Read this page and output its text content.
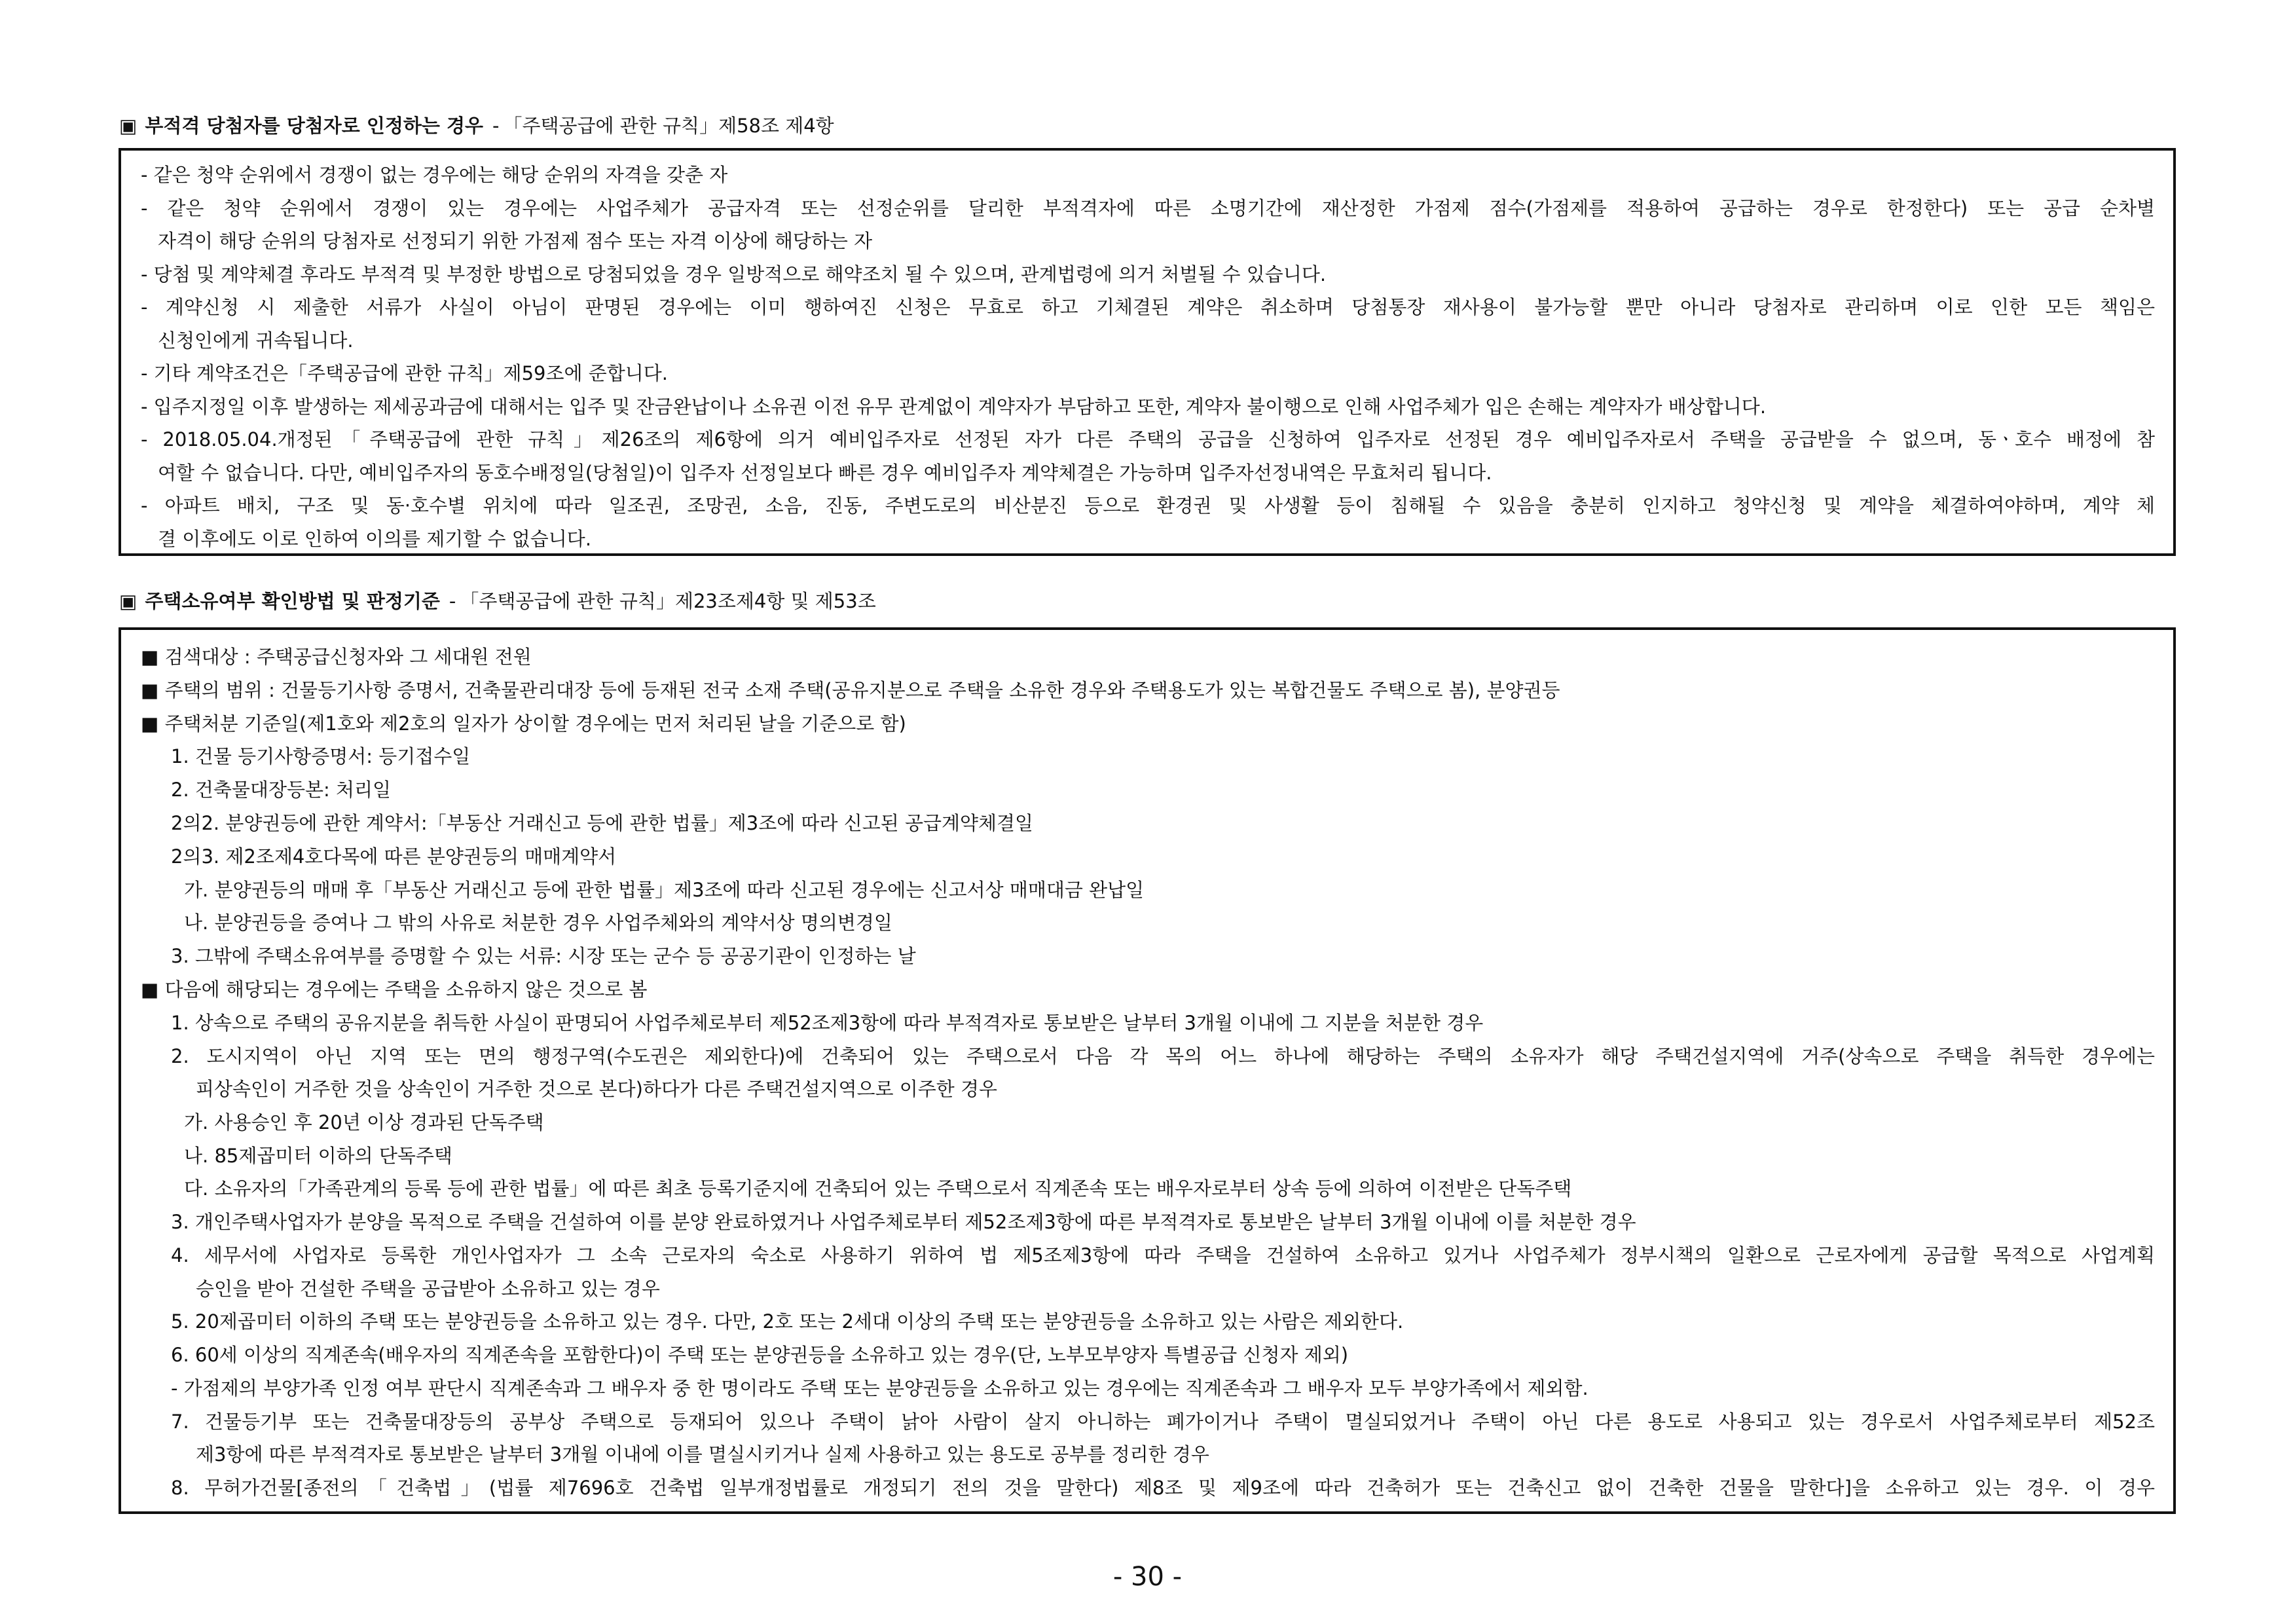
▣ 부적격 당첨자를 당첨자로 인정하는 경우 - 「주택공급에 관한 규칙」제58조 제4항
- 같은 청약 순위에서 경쟁이 없는 경우에는 해당 순위의 자격을 갖춘 자
- 같은 청약 순위에서 경쟁이 있는 경우에는 사업주체가 공급자격 또는 선정순위를 달리한 부적격자에 따른 소명기간에 재산정한 가점제 점수(가점제를 적용하여 공급하는 경우로 한정한다) 또는 공급 순차별
자격이 해당 순위의 당첨자로 선정되기 위한 가점제 점수 또는 자격 이상에 해당하는 자
- 당첨 및 계약체결 후라도 부적격 및 부정한 방법으로 당첨되었을 경우 일방적으로 해약조치 될 수 있으며, 관계법령에 의거 처벌될 수 있습니다.
- 계약신청 시 제출한 서류가 사실이 아님이 판명된 경우에는 이미 행하여진 신청은 무효로 하고 기체결된 계약은 취소하며 당첨통장 재사용이 불가능할 뿐만 아니라 당첨자로 관리하며 이로 인한 모든 책임은
신청인에게 귀속됩니다.
- 기타 계약조건은「주택공급에 관한 규칙」제59조에 준합니다.
- 입주지정일 이후 발생하는 제세공과금에 대해서는 입주 및 잔금완납이나 소유권 이전 유무 관계없이 계약자가 부담하고 또한, 계약자 불이행으로 인해 사업주체가 입은 손해는 계약자가 배상합니다.
- 2018.05.04.개정된「주택공급에 관한 규칙」제26조의 제6항에 의거 예비입주자로 선정된 자가 다른 주택의 공급을 신청하여 입주자로 선정된 경우 예비입주자로서 주택을 공급받을 수 없으며, 동ㆍ호수 배정에 참
여할 수 없습니다. 다만, 예비입주자의 동호수배정일(당첨일)이 입주자 선정일보다 빠른 경우 예비입주자 계약체결은 가능하며 입주자선정내역은 무효처리 됩니다.
- 아파트 배치, 구조 및 동·호수별 위치에 따라 일조권, 조망권, 소음, 진동, 주변도로의 비산분진 등으로 환경권 및 사생활 등이 침해될 수 있음을 충분히 인지하고 청약신청 및 계약을 체결하여야하며, 계약 체
결 이후에도 이로 인하여 이의를 제기할 수 없습니다.
▣ 주택소유여부 확인방법 및 판정기준 - 「주택공급에 관한 규칙」제23조제4항 및 제53조
■ 검색대상 : 주택공급신청자와 그 세대원 전원
■ 주택의 범위 : 건물등기사항 증명서, 건축물관리대장 등에 등재된 전국 소재 주택(공유지분으로 주택을 소유한 경우와 주택용도가 있는 복합건물도 주택으로 봄), 분양권등
■ 주택처분 기준일(제1호와 제2호의 일자가 상이할 경우에는 먼저 처리된 날을 기준으로 함)
1. 건물 등기사항증명서: 등기접수일
2. 건축물대장등본: 처리일
2의2. 분양권등에 관한 계약서:「부동산 거래신고 등에 관한 법률」제3조에 따라 신고된 공급계약체결일
2의3. 제2조제4호다목에 따른 분양권등의 매매계약서
가. 분양권등의 매매 후「부동산 거래신고 등에 관한 법률」제3조에 따라 신고된 경우에는 신고서상 매매대금 완납일
나. 분양권등을 증여나 그 밖의 사유로 처분한 경우 사업주체와의 계약서상 명의변경일
3. 그밖에 주택소유여부를 증명할 수 있는 서류: 시장 또는 군수 등 공공기관이 인정하는 날
■ 다음에 해당되는 경우에는 주택을 소유하지 않은 것으로 봄
1. 상속으로 주택의 공유지분을 취득한 사실이 판명되어 사업주체로부터 제52조제3항에 따라 부적격자로 통보받은 날부터 3개월 이내에 그 지분을 처분한 경우
2. 도시지역이 아닌 지역 또는 면의 행정구역(수도권은 제외한다)에 건축되어 있는 주택으로서 다음 각 목의 어느 하나에 해당하는 주택의 소유자가 해당 주택건설지역에 거주(상속으로 주택을 취득한 경우에는
피상속인이 거주한 것을 상속인이 거주한 것으로 본다)하다가 다른 주택건설지역으로 이주한 경우
가. 사용승인 후 20년 이상 경과된 단독주택
나. 85제곱미터 이하의 단독주택
다. 소유자의「가족관계의 등록 등에 관한 법률」에 따른 최초 등록기준지에 건축되어 있는 주택으로서 직계존속 또는 배우자로부터 상속 등에 의하여 이전받은 단독주택
3. 개인주택사업자가 분양을 목적으로 주택을 건설하여 이를 분양 완료하였거나 사업주체로부터 제52조제3항에 따른 부적격자로 통보받은 날부터 3개월 이내에 이를 처분한 경우
4. 세무서에 사업자로 등록한 개인사업자가 그 소속 근로자의 숙소로 사용하기 위하여 법 제5조제3항에 따라 주택을 건설하여 소유하고 있거나 사업주체가 정부시책의 일환으로 근로자에게 공급할 목적으로 사업계획
승인을 받아 건설한 주택을 공급받아 소유하고 있는 경우
5. 20제곱미터 이하의 주택 또는 분양권등을 소유하고 있는 경우. 다만, 2호 또는 2세대 이상의 주택 또는 분양권등을 소유하고 있는 사람은 제외한다.
6. 60세 이상의 직계존속(배우자의 직계존속을 포함한다)이 주택 또는 분양권등을 소유하고 있는 경우(단, 노부모부양자 특별공급 신청자 제외)
- 가점제의 부양가족 인정 여부 판단시 직계존속과 그 배우자 중 한 명이라도 주택 또는 분양권등을 소유하고 있는 경우에는 직계존속과 그 배우자 모두 부양가족에서 제외함.
7. 건물등기부 또는 건축물대장등의 공부상 주택으로 등재되어 있으나 주택이 낡아 사람이 살지 아니하는 폐가이거나 주택이 멸실되었거나 주택이 아닌 다른 용도로 사용되고 있는 경우로서 사업주체로부터 제52조
제3항에 따른 부적격자로 통보받은 날부터 3개월 이내에 이를 멸실시키거나 실제 사용하고 있는 용도로 공부를 정리한 경우
8. 무허가건물[종전의「건축법」(법률 제7696호 건축법 일부개정법률로 개정되기 전의 것을 말한다) 제8조 및 제9조에 따라 건축허가 또는 건축신고 없이 건축한 건물을 말한다]을 소유하고 있는 경우. 이 경우
- 30 -
